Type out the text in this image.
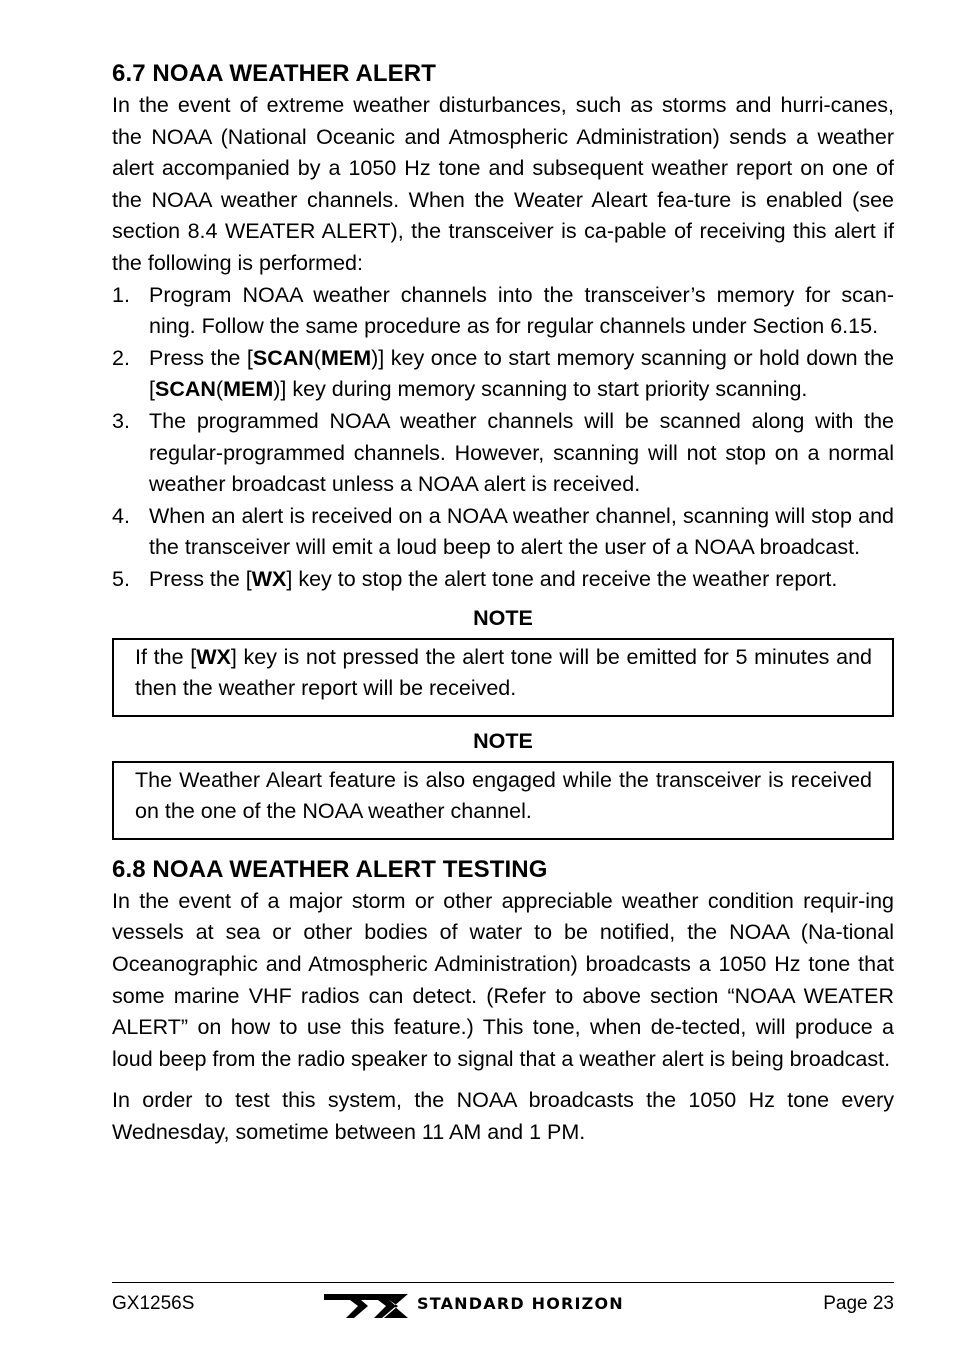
6.7 NOAA WEATHER ALERT

In the event of extreme weather disturbances, such as storms and hurri-canes, the NOAA (National Oceanic and Atmospheric Administration) sends a weather alert accompanied by a 1050 Hz tone and subsequent weather report on one of the NOAA weather channels. When the Weater Aleart fea-ture is enabled (see section 8.4 WEATER ALERT), the transceiver is ca-pable of receiving this alert if the following is performed:

1. Program NOAA weather channels into the transceiver’s memory for scan-ning. Follow the same procedure as for regular channels under Section 6.15.
2. Press the [SCAN(MEM)] key once to start memory scanning or hold down the [SCAN(MEM)] key during memory scanning to start priority scanning.
3. The programmed NOAA weather channels will be scanned along with the regular-programmed channels. However, scanning will not stop on a normal weather broadcast unless a NOAA alert is received.
4. When an alert is received on a NOAA weather channel, scanning will stop and the transceiver will emit a loud beep to alert the user of a NOAA broadcast.
5. Press the [WX] key to stop the alert tone and receive the weather report.
NOTE
If the [WX] key is not pressed the alert tone will be emitted for 5 minutes and then the weather report will be received.
NOTE
The Weather Aleart feature is also engaged while the transceiver is received on the one of the NOAA weather channel.
6.8 NOAA WEATHER ALERT TESTING

In the event of a major storm or other appreciable weather condition requir-ing vessels at sea or other bodies of water to be notified, the NOAA (Na-tional Oceanographic and Atmospheric Administration) broadcasts a 1050 Hz tone that some marine VHF radios can detect. (Refer to above section “NOAA WEATER ALERT” on how to use this feature.) This tone, when de-tected, will produce a loud beep from the radio speaker to signal that a weather alert is being broadcast.

In order to test this system, the NOAA broadcasts the 1050 Hz tone every Wednesday, sometime between 11 AM and 1 PM.

GX1256S	STANDARD HORIZON	Page 23
